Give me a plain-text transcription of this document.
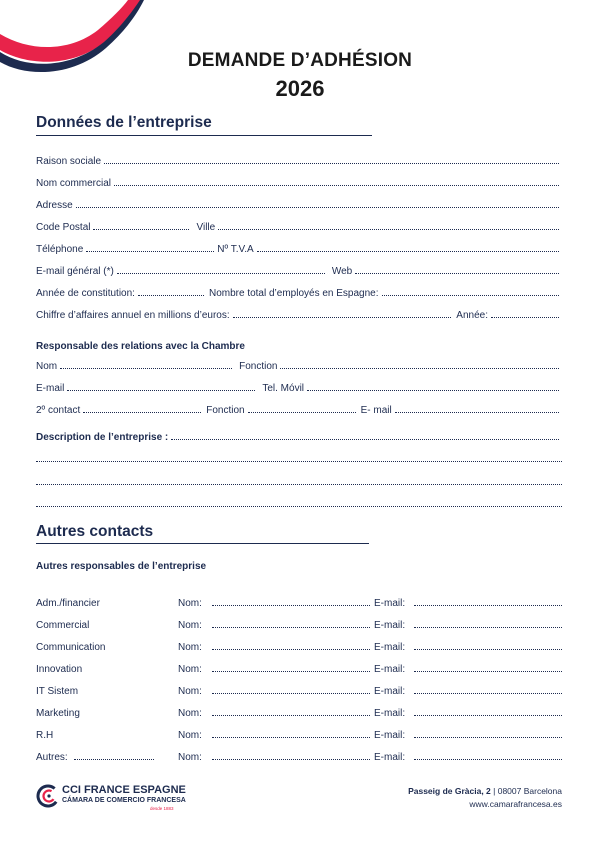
DEMANDE D’ADHÉSION
2026
Données de l’entreprise
Raison sociale
Nom commercial
Adresse
Code Postal	Ville
Téléphone	Nº T.V.A
E-mail général (*)	Web
Année de constitution:	Nombre total d’employés en Espagne:
Chiffre d’affaires annuel en millions d’euros:	Année:
Responsable des relations avec la Chambre
Nom	Fonction
E-mail	Tel. Móvil
2º contact	Fonction	E- mail
Description de l’entreprise :
Autres contacts
Autres responsables de l’entreprise
Adm./financier	Nom:	E-mail:
Commercial	Nom:	E-mail:
Communication	Nom:	E-mail:
Innovation	Nom:	E-mail:
IT Sistem	Nom:	E-mail:
Marketing	Nom:	E-mail:
R.H	Nom:	E-mail:
Autres:	Nom:	E-mail:
CCI FRANCE ESPAGNE
CÁMARA DE COMERCIO FRANCESA
desde 1883
Passeig de Gràcia, 2 | 08007 Barcelona
www.camarafrancesa.es
